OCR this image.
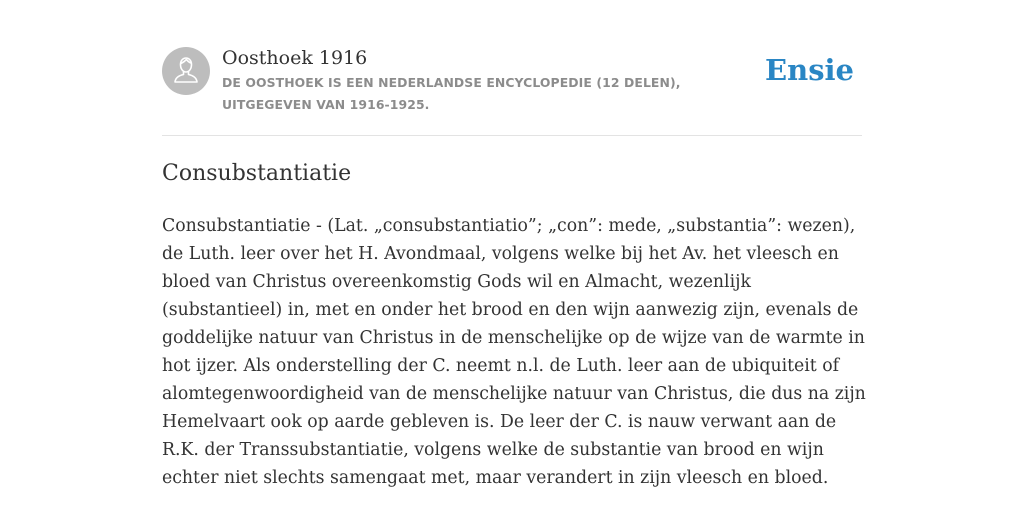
Oosthoek 1916
DE OOSTHOEK IS EEN NEDERLANDSE ENCYCLOPEDIE (12 DELEN), UITGEGEVEN VAN 1916-1925.
Ensie
Consubstantiatie

Consubstantiatie - (Lat. „consubstantiatio”; „con”: mede, „substantia”: wezen), de Luth. leer over het H. Avondmaal, volgens welke bij het Av. het vleesch en bloed van Christus overeenkomstig Gods wil en Almacht, wezenlijk (substantieel) in, met en onder het brood en den wijn aanwezig zijn, evenals de goddelijke natuur van Christus in de menschelijke op de wijze van de warmte in hot ijzer. Als onderstelling der C. neemt n.l. de Luth. leer aan de ubiquiteit of alomtegenwoordigheid van de menschelijke natuur van Christus, die dus na zijn Hemelvaart ook op aarde gebleven is. De leer der C. is nauw verwant aan de R.K. der Transsubstantiatie, volgens welke de substantie van brood en wijn echter niet slechts samengaat met, maar verandert in zijn vleesch en bloed.
